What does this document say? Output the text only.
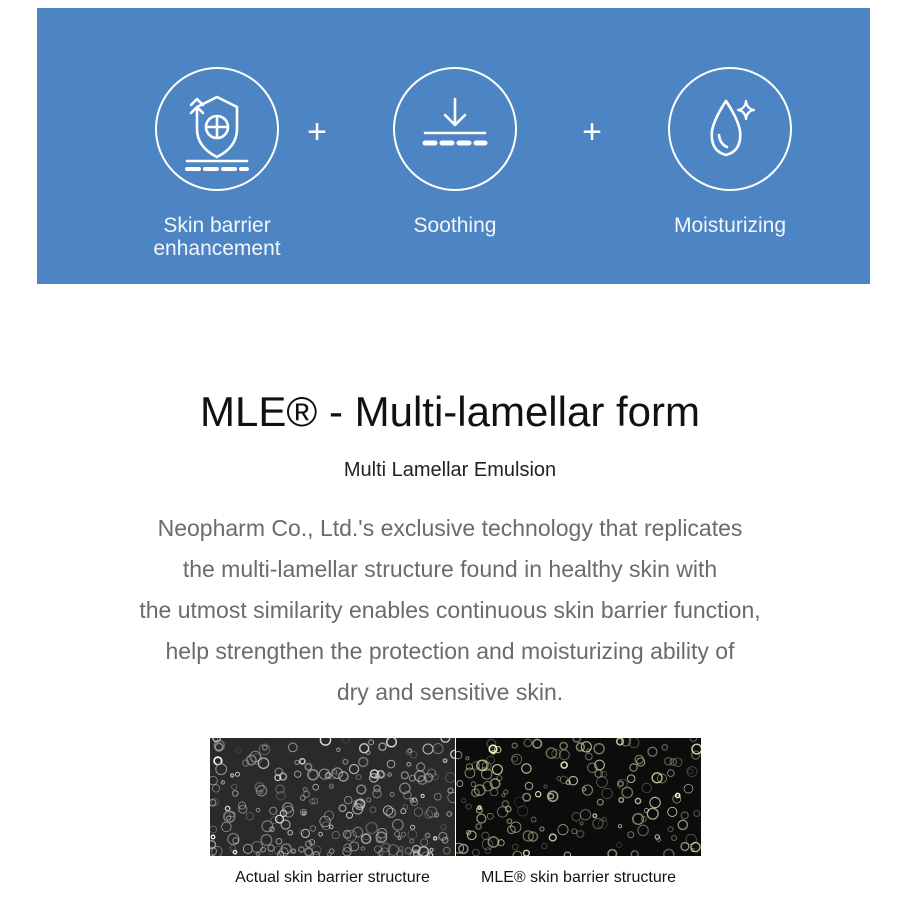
Skin barrier
enhancement
+
Soothing
+
Moisturizing
MLE® - Multi-lamellar form
Multi Lamellar Emulsion
Neopharm Co., Ltd.'s exclusive technology that replicates
the multi-lamellar structure found in healthy skin with
the utmost similarity enables continuous skin barrier function,
help strengthen the protection and moisturizing ability of
dry and sensitive skin.
Actual skin barrier structure	MLE® skin barrier structure
